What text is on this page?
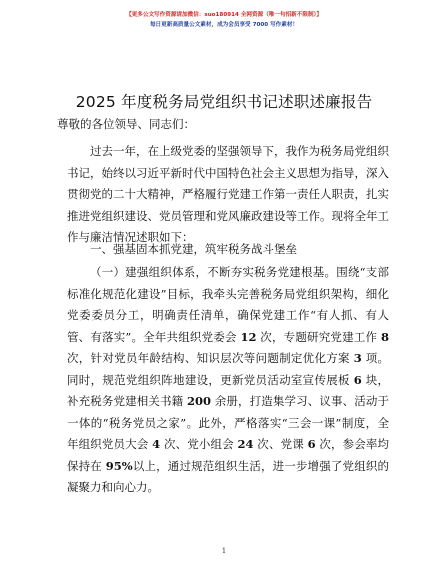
【更多公文写作资源请加微信：suo180914 全网资源（唯一句招新不限制）】
每日更新高质量公文素材，成为会员享受 7000 写作素材！
2025 年度税务局党组织书记述职述廉报告
尊敬的各位领导、同志们：

过去一年，在上级党委的坚强领导下，我作为税务局党组织书记，始终以习近平新时代中国特色社会主义思想为指导，深入贯彻党的二十大精神，严格履行党建工作第一责任人职责，扎实推进党组织建设、党员管理和党风廉政建设等工作。现将全年工作与廉洁情况述职如下：

一、强基固本抓党建，筑牢税务战斗堡垒

（一）建强组织体系，不断夯实税务党建根基。围绕“支部标准化规范化建设”目标，我牵头完善税务局党组织架构，细化党委委员分工，明确责任清单，确保党建工作“有人抓、有人管、有落实”。全年共组织党委会 12 次，专题研究党建工作 8 次，针对党员年龄结构、知识层次等问题制定优化方案 3 项。同时，规范党组织阵地建设，更新党员活动室宣传展板 6 块，补充税务党建相关书籍 200 余册，打造集学习、议事、活动于一体的“税务党员之家”。此外，严格落实“三会一课”制度，全年组织党员大会 4 次、党小组会 24 次、党课 6 次，参会率均保持在 95%以上，通过规范组织生活，进一步增强了党组织的凝聚力和向心力。

1
